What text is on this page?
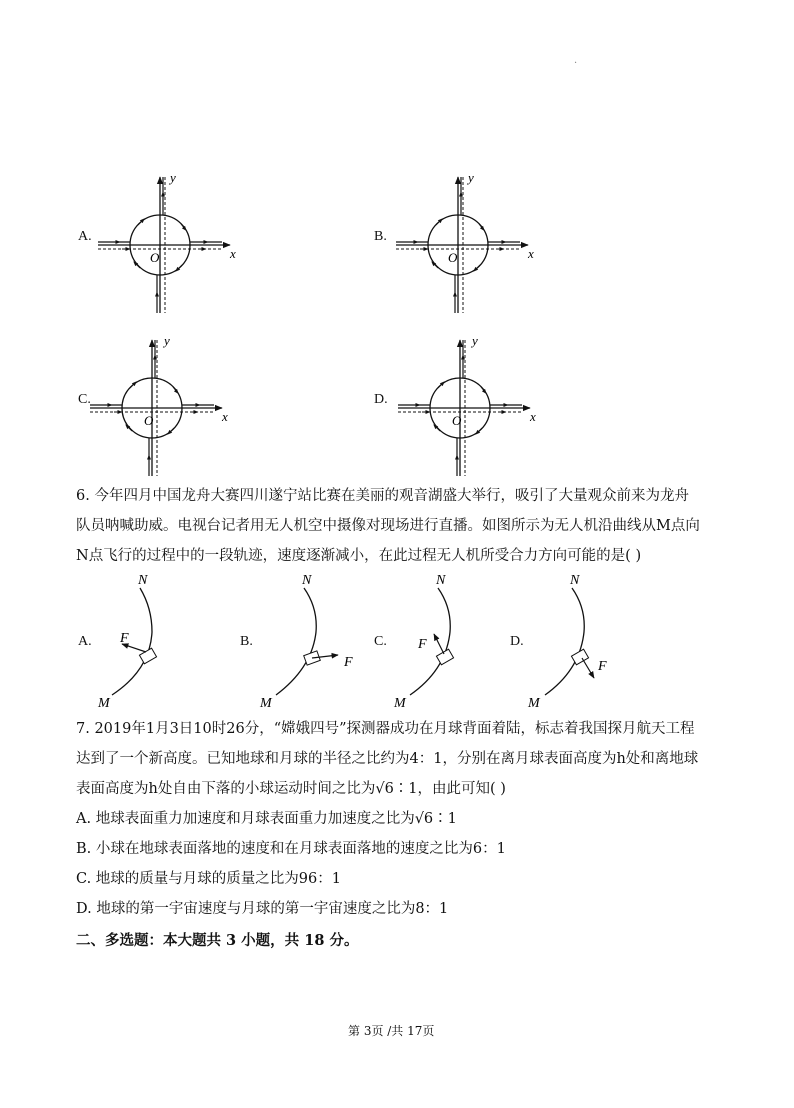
·
A.	B.
C.	D.
x
y
O	x
y
O
x
y
O	x
y
O
6. 今年四月中国龙舟大赛四川遂宁站比赛在美丽的观音湖盛大举行，吸引了大量观众前来为龙舟
队员呐喊助威。电视台记者用无人机空中摄像对现场进行直播。如图所示为无人机沿曲线从M点向
N点飞行的过程中的一段轨迹，速度逐渐减小，在此过程无人机所受合力方向可能的是( )
A.	B.	C.	D.
N
M
F
N
M
F
N
M
F
N
M
F
7. 2019年1月3日10时26分，“嫦娥四号”探测器成功在月球背面着陆，标志着我国探月航天工程
达到了一个新高度。已知地球和月球的半径之比约为4：1，分别在离月球表面高度为h处和离地球
表面高度为h处自由下落的小球运动时间之比为√6∶1，由此可知( )
A. 地球表面重力加速度和月球表面重力加速度之比为√6∶1
B. 小球在地球表面落地的速度和在月球表面落地的速度之比为6：1
C. 地球的质量与月球的质量之比为96：1
D. 地球的第一宇宙速度与月球的第一宇宙速度之比为8：1
二、多选题：本大题共 3 小题，共 18 分。
第 3页 /共 17页
